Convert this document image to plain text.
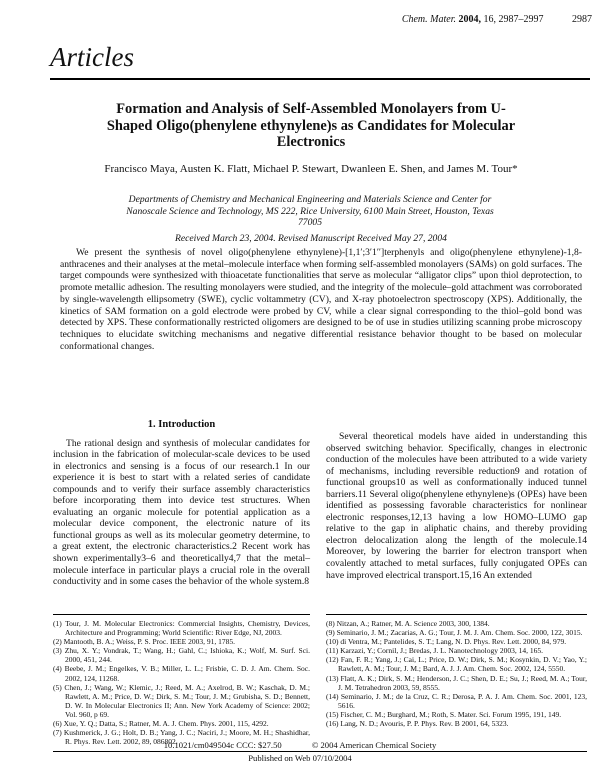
Chem. Mater. 2004, 16, 2987–2997	2987
Articles
Formation and Analysis of Self-Assembled Monolayers from U-Shaped Oligo(phenylene ethynylene)s as Candidates for Molecular Electronics
Francisco Maya, Austen K. Flatt, Michael P. Stewart, Dwanleen E. Shen, and James M. Tour*
Departments of Chemistry and Mechanical Engineering and Materials Science and Center for Nanoscale Science and Technology, MS 222, Rice University, 6100 Main Street, Houston, Texas 77005
Received March 23, 2004. Revised Manuscript Received May 27, 2004

We present the synthesis of novel oligo(phenylene ethynylene)-[1,1′;3′1′′]terphenyls and oligo(phenylene ethynylene)-1,8-anthracenes and their analyses at the metal–molecule interface when forming self-assembled monolayers (SAMs) on gold surfaces. The target compounds were synthesized with thioacetate functionalities that serve as molecular “alligator clips” upon thiol deprotection, to promote metallic adhesion. The resulting monolayers were studied, and the integrity of the molecule–gold attachment was corroborated by single-wavelength ellipsometry (SWE), cyclic voltammetry (CV), and X-ray photoelectron spectroscopy (XPS). Additionally, the kinetics of SAM formation on a gold electrode were probed by CV, while a clear signal corresponding to the thiol–gold bond was detected by XPS. These conformationally restricted oligomers are designed to be of use in studies utilizing scanning probe microscopy techniques to elucidate switching mechanisms and negative differential resistance behavior thought to be based on molecular conformational changes.

1. Introduction

The rational design and synthesis of molecular candidates for inclusion in the fabrication of molecular-scale devices to be used in electronics and sensing is a focus of our research.1 In our experience it is best to start with a related series of candidate compounds and to verify their surface assembly characteristics before incorporating them into device test structures. When evaluating an organic molecule for potential application as a molecular device component, the electronic nature of its functional groups as well as its molecular geometry determine, to a great extent, the electronic characteristics.2 Recent work has shown experimentally3–6 and theoretically4,7 that the metal–molecule interface in particular plays a crucial role in the overall conductivity and in some cases the behavior of the whole system.8

Several theoretical models have aided in understanding this observed switching behavior. Specifically, changes in electronic conduction of the molecules have been attributed to a wide variety of mechanisms, including reversible reduction9 and rotation of functional groups10 as well as conformationally induced tunnel barriers.11 Several oligo(phenylene ethynylene)s (OPEs) have been identified as possessing favorable characteristics for nonlinear electronic responses,12,13 having a low HOMO–LUMO gap relative to the gap in aliphatic chains, and thereby providing electron delocalization along the length of the molecule.14 Moreover, by lowering the barrier for electron transport when covalently attached to metal surfaces, fully conjugated OPEs can have improved electrical transport.15,16 An extended

(1) Tour, J. M. Molecular Electronics: Commercial Insights, Chemistry, Devices, Architecture and Programming; World Scientific: River Edge, NJ, 2003.
(2) Mantooth, B. A.; Weiss, P. S. Proc. IEEE 2003, 91, 1785.
(3) Zhu, X. Y.; Vondrak, T.; Wang, H.; Gahl, C.; Ishioka, K.; Wolf, M. Surf. Sci. 2000, 451, 244.
(4) Beebe, J. M.; Engelkes, V. B.; Miller, L. L.; Frisbie, C. D. J. Am. Chem. Soc. 2002, 124, 11268.
(5) Chen, J.; Wang, W.; Klemic, J.; Reed, M. A.; Axelrod, B. W.; Kaschak, D. M.; Rawlett, A. M.; Price, D. W.; Dirk, S. M.; Tour, J. M.; Grubisha, S. D.; Bennett, D. W. In Molecular Electronics II; Ann. New York Academy of Science: 2002; Vol. 960, p 69.
(6) Xue, Y. Q.; Datta, S.; Ratner, M. A. J. Chem. Phys. 2001, 115, 4292.
(7) Kushmerick, J. G.; Holt, D. B.; Yang, J. C.; Naciri, J.; Moore, M. H.; Shashidhar, R. Phys. Rev. Lett. 2002, 89, 086802.
(8) Nitzan, A.; Ratner, M. A. Science 2003, 300, 1384.
(9) Seminario, J. M.; Zacarias, A. G.; Tour, J. M. J. Am. Chem. Soc. 2000, 122, 3015.
(10) di Ventra, M.; Pantelides, S. T.; Lang, N. D. Phys. Rev. Lett. 2000, 84, 979.
(11) Karzazi, Y.; Cornil, J.; Bredas, J. L. Nanotechnology 2003, 14, 165.
(12) Fan, F. R.; Yang, J.; Cai, L.; Price, D. W.; Dirk, S. M.; Kosynkin, D. V.; Yao, Y.; Rawlett, A. M.; Tour, J. M.; Bard, A. J. J. Am. Chem. Soc. 2002, 124, 5550.
(13) Flatt, A. K.; Dirk, S. M.; Henderson, J. C.; Shen, D. E.; Su, J.; Reed, M. A.; Tour, J. M. Tetrahedron 2003, 59, 8555.
(14) Seminario, J. M.; de la Cruz, C. R.; Derosa, P. A. J. Am. Chem. Soc. 2001, 123, 5616.
(15) Fischer, C. M.; Burghard, M.; Roth, S. Mater. Sci. Forum 1995, 191, 149.
(16) Lang, N. D.; Avouris, P. P. Phys. Rev. B 2001, 64, 5323.
10.1021/cm049504c CCC: $27.50	© 2004 American Chemical Society
Published on Web 07/10/2004
